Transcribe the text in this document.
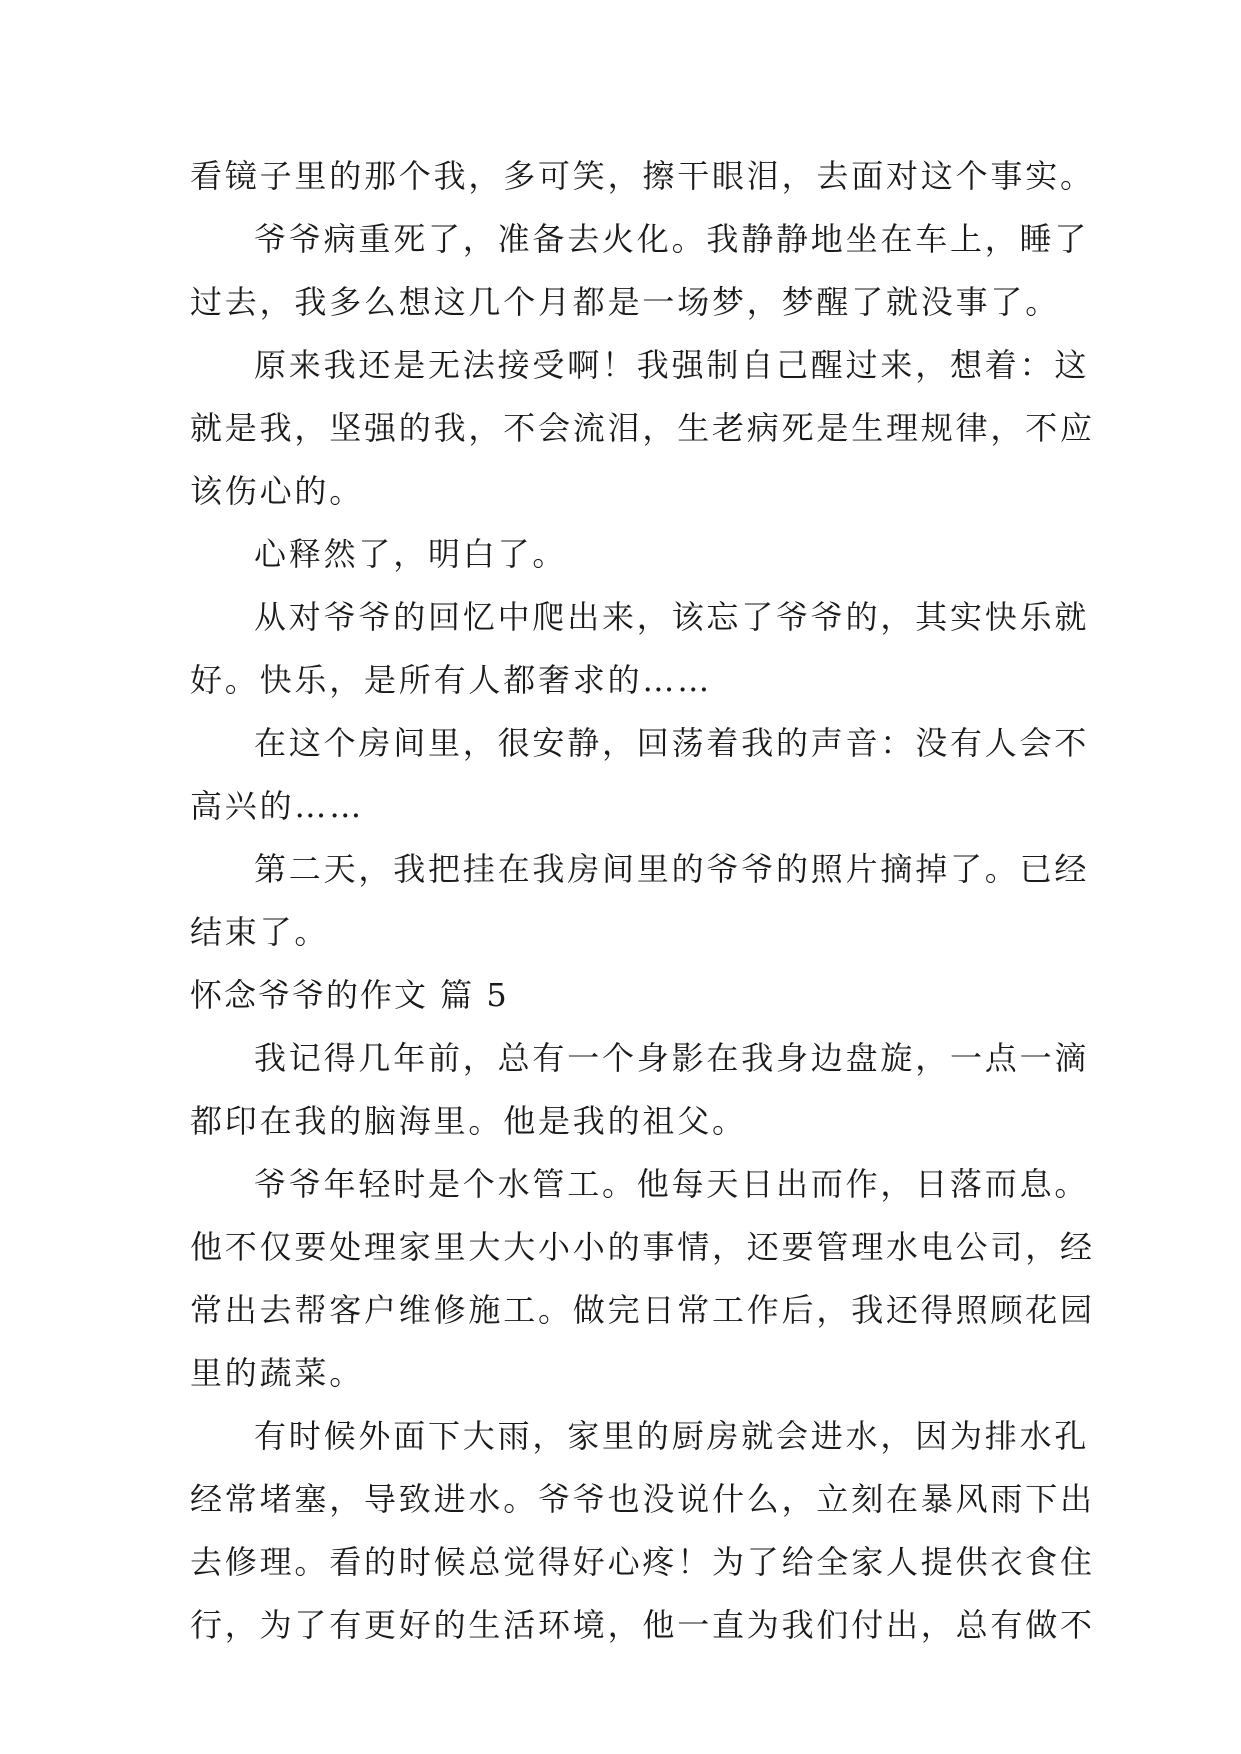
看镜子里的那个我，多可笑，擦干眼泪，去面对这个事实。
爷爷病重死了，准备去火化。我静静地坐在车上，睡了
过去，我多么想这几个月都是一场梦，梦醒了就没事了。
原来我还是无法接受啊！我强制自己醒过来，想着：这
就是我，坚强的我，不会流泪，生老病死是生理规律，不应
该伤心的。
心释然了，明白了。
从对爷爷的回忆中爬出来，该忘了爷爷的，其实快乐就
好。快乐，是所有人都奢求的……
在这个房间里，很安静，回荡着我的声音：没有人会不
高兴的……
第二天，我把挂在我房间里的爷爷的照片摘掉了。已经
结束了。
怀念爷爷的作文 篇 5
我记得几年前，总有一个身影在我身边盘旋，一点一滴
都印在我的脑海里。他是我的祖父。
爷爷年轻时是个水管工。他每天日出而作，日落而息。
他不仅要处理家里大大小小的事情，还要管理水电公司，经
常出去帮客户维修施工。做完日常工作后，我还得照顾花园
里的蔬菜。
有时候外面下大雨，家里的厨房就会进水，因为排水孔
经常堵塞，导致进水。爷爷也没说什么，立刻在暴风雨下出
去修理。看的时候总觉得好心疼！为了给全家人提供衣食住
行，为了有更好的生活环境，他一直为我们付出，总有做不
